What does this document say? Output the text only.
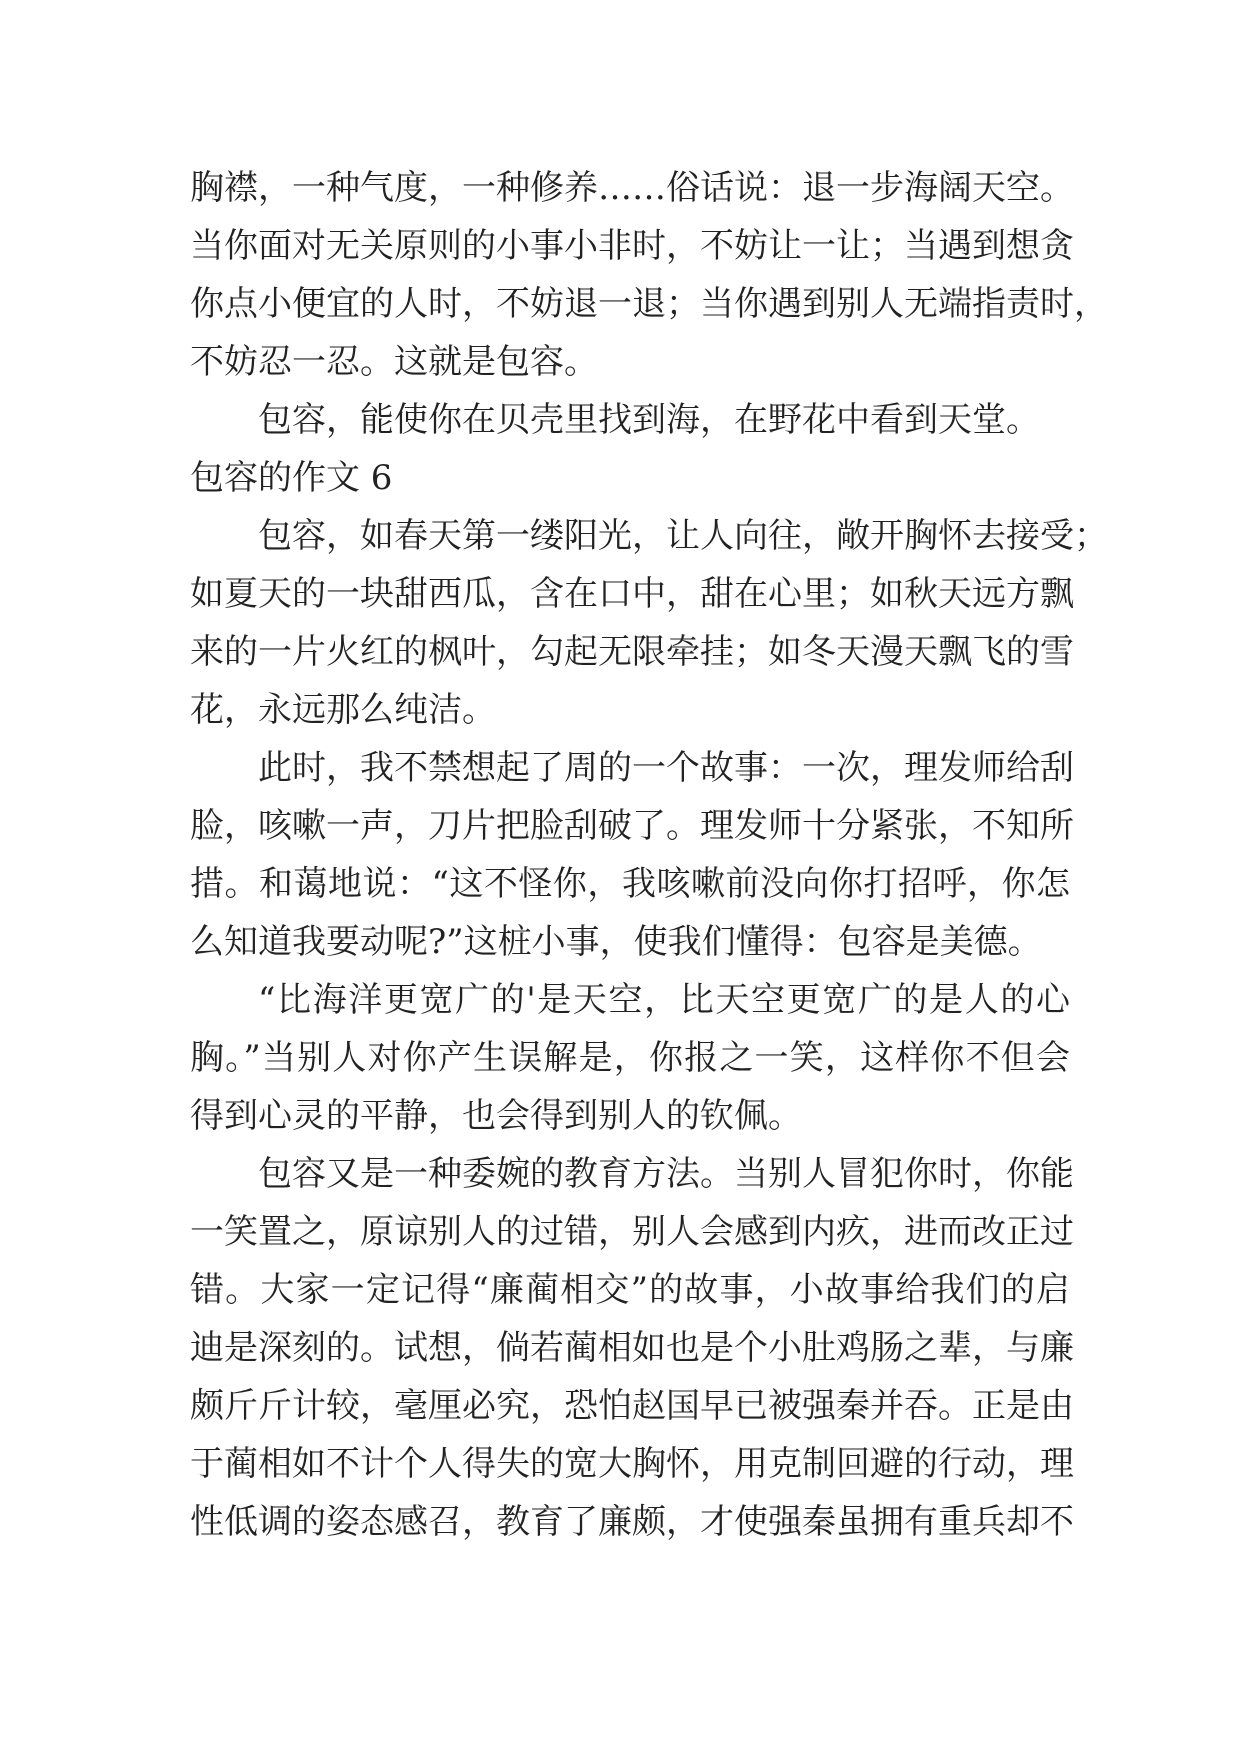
胸襟，一种气度，一种修养……俗话说：退一步海阔天空。
当你面对无关原则的小事小非时，不妨让一让；当遇到想贪
你点小便宜的人时，不妨退一退；当你遇到别人无端指责时，
不妨忍一忍。这就是包容。
包容，能使你在贝壳里找到海，在野花中看到天堂。
包容的作文 6
包容，如春天第一缕阳光，让人向往，敞开胸怀去接受；
如夏天的一块甜西瓜，含在口中，甜在心里；如秋天远方飘
来的一片火红的枫叶，勾起无限牵挂；如冬天漫天飘飞的雪
花，永远那么纯洁。
此时，我不禁想起了周的一个故事：一次，理发师给刮
脸，咳嗽一声，刀片把脸刮破了。理发师十分紧张，不知所
措。和蔼地说：“这不怪你，我咳嗽前没向你打招呼，你怎
么知道我要动呢?”这桩小事，使我们懂得：包容是美德。
“比海洋更宽广的'是天空，比天空更宽广的是人的心
胸。”当别人对你产生误解是，你报之一笑，这样你不但会
得到心灵的平静，也会得到别人的钦佩。
包容又是一种委婉的教育方法。当别人冒犯你时，你能
一笑置之，原谅别人的过错，别人会感到内疚，进而改正过
错。大家一定记得“廉蔺相交”的故事，小故事给我们的启
迪是深刻的。试想，倘若蔺相如也是个小肚鸡肠之辈，与廉
颇斤斤计较，毫厘必究，恐怕赵国早已被强秦并吞。正是由
于蔺相如不计个人得失的宽大胸怀，用克制回避的行动，理
性低调的姿态感召，教育了廉颇，才使强秦虽拥有重兵却不
